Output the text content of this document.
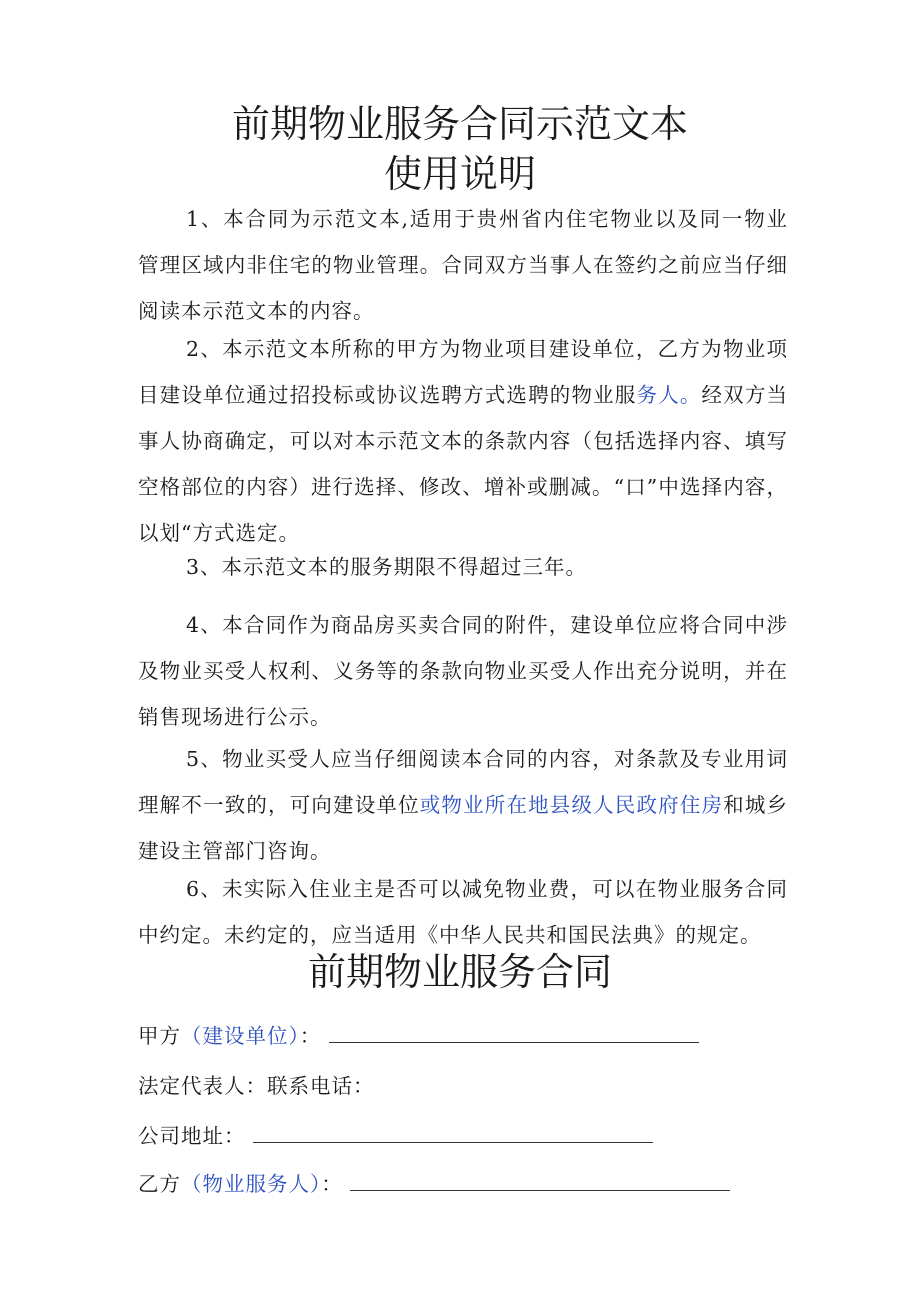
前期物业服务合同示范文本
使用说明

1、本合同为示范文本,适用于贵州省内住宅物业以及同一物业管理区域内非住宅的物业管理。合同双方当事人在签约之前应当仔细阅读本示范文本的内容。

2、本示范文本所称的甲方为物业项目建设单位，乙方为物业项目建设单位通过招投标或协议选聘方式选聘的物业服务人。经双方当事人协商确定，可以对本示范文本的条款内容（包括选择内容、填写空格部位的内容）进行选择、修改、增补或删减。“口”中选择内容，以划“方式选定。

3、本示范文本的服务期限不得超过三年。

4、本合同作为商品房买卖合同的附件，建设单位应将合同中涉及物业买受人权利、义务等的条款向物业买受人作出充分说明，并在销售现场进行公示。

5、物业买受人应当仔细阅读本合同的内容，对条款及专业用词理解不一致的，可向建设单位或物业所在地县级人民政府住房和城乡建设主管部门咨询。

6、未实际入住业主是否可以减免物业费，可以在物业服务合同中约定。未约定的，应当适用《中华人民共和国民法典》的规定。

前期物业服务合同
甲方（建设单位）：
法定代表人：联系电话：
公司地址：
乙方（物业服务人）：
